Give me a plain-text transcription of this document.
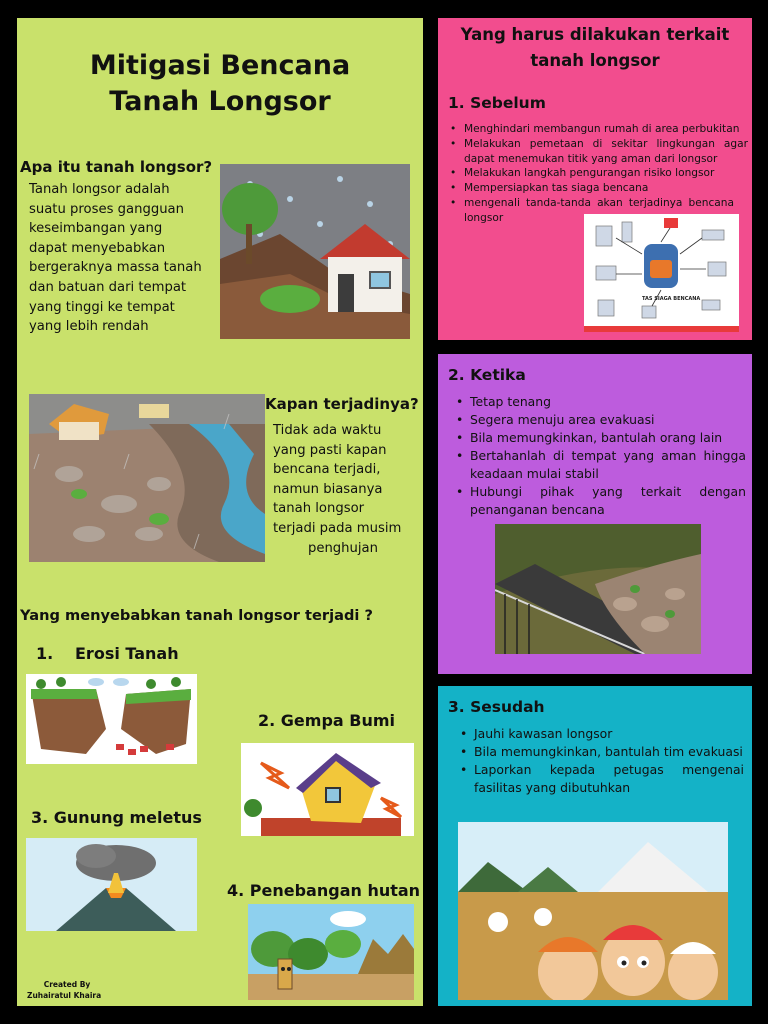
Mitigasi Bencana Tanah Longsor
Apa itu tanah longsor?
Tanah longsor adalah
suatu proses gangguan
keseimbangan yang
dapat menyebabkan
bergeraknya massa tanah
dan batuan dari tempat
yang tinggi ke tempat
yang lebih rendah
Kapan terjadinya?
Tidak ada waktu
yang pasti kapan
bencana terjadi,
namun biasanya
tanah longsor
terjadi pada musim
penghujan
Yang menyebabkan tanah longsor terjadi ?
1. Erosi Tanah
2. Gempa Bumi
3. Gunung meletus
4. Penebangan hutan
Created By
Zuhairatul Khaira
Yang harus dilakukan terkait
tanah longsor
1. Sebelum
• Menghindari membangun rumah di area perbukitan
• Melakukan pemetaan di sekitar lingkungan agar dapat menemukan titik yang aman dari longsor
• Melakukan langkah pengurangan risiko longsor
• Mempersiapkan tas siaga bencana
• mengenali tanda-tanda akan terjadinya bencana longsor
TAS SIAGA BENCANA
2. Ketika
• Tetap tenang
• Segera menuju area evakuasi
• Bila memungkinkan, bantulah orang lain
• Bertahanlah di tempat yang aman hingga keadaan mulai stabil
• Hubungi pihak yang terkait dengan penanganan bencana
3. Sesudah
• Jauhi kawasan longsor
• Bila memungkinkan, bantulah tim evakuasi
• Laporkan kepada petugas mengenai fasilitas yang dibutuhkan
